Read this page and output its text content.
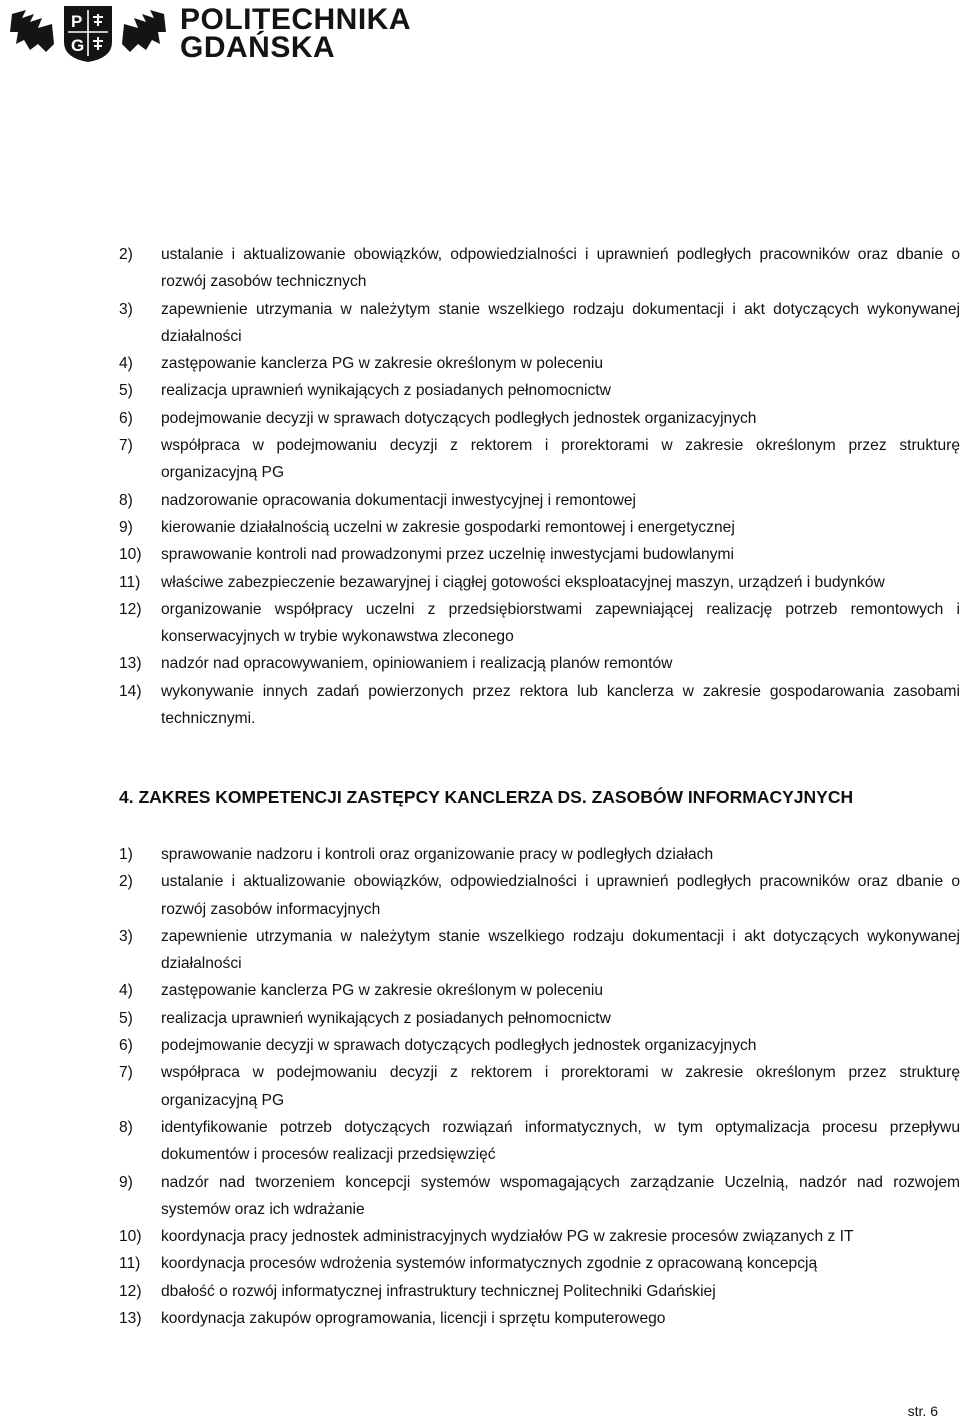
P
G
POLITECHNIKA
GDAŃSKA
2)	ustalanie i aktualizowanie obowiązków, odpowiedzialności i uprawnień podległych pracowników oraz dbanie o rozwój zasobów technicznych
3)	zapewnienie utrzymania w należytym stanie wszelkiego rodzaju dokumentacji i akt dotyczących wykonywanej działalności
4)	zastępowanie kanclerza PG w zakresie określonym w poleceniu
5)	realizacja uprawnień wynikających z posiadanych pełnomocnictw
6)	podejmowanie decyzji w sprawach dotyczących podległych jednostek organizacyjnych
7)	współpraca w podejmowaniu decyzji z rektorem i prorektorami w zakresie określonym przez strukturę organizacyjną PG
8)	nadzorowanie opracowania dokumentacji inwestycyjnej i remontowej
9)	kierowanie działalnością uczelni w zakresie gospodarki remontowej i energetycznej
10)	sprawowanie kontroli nad prowadzonymi przez uczelnię inwestycjami budowlanymi
11)	właściwe zabezpieczenie bezawaryjnej i ciągłej gotowości eksploatacyjnej maszyn, urządzeń i budynków
12)	organizowanie współpracy uczelni z przedsiębiorstwami zapewniającej realizację potrzeb remontowych i konserwacyjnych w trybie wykonawstwa zleconego
13)	nadzór nad opracowywaniem, opiniowaniem i realizacją planów remontów
14)	wykonywanie innych zadań powierzonych przez rektora lub kanclerza w zakresie gospodarowania zasobami technicznymi.
4. ZAKRES KOMPETENCJI ZASTĘPCY KANCLERZA DS. ZASOBÓW INFORMACYJNYCH
1)	sprawowanie nadzoru i kontroli oraz organizowanie pracy w podległych działach
2)	ustalanie i aktualizowanie obowiązków, odpowiedzialności i uprawnień podległych pracowników oraz dbanie o rozwój zasobów informacyjnych
3)	zapewnienie utrzymania w należytym stanie wszelkiego rodzaju dokumentacji i akt dotyczących wykonywanej działalności
4)	zastępowanie kanclerza PG w zakresie określonym w poleceniu
5)	realizacja uprawnień wynikających z posiadanych pełnomocnictw
6)	podejmowanie decyzji w sprawach dotyczących podległych jednostek organizacyjnych
7)	współpraca w podejmowaniu decyzji z rektorem i prorektorami w zakresie określonym przez strukturę organizacyjną PG
8)	identyfikowanie potrzeb dotyczących rozwiązań informatycznych, w tym optymalizacja procesu przepływu dokumentów i procesów realizacji przedsięwzięć
9)	nadzór nad tworzeniem koncepcji systemów wspomagających zarządzanie Uczelnią, nadzór nad rozwojem systemów oraz ich wdrażanie
10)	koordynacja pracy jednostek administracyjnych wydziałów PG w zakresie procesów związanych z IT
11)	koordynacja procesów wdrożenia systemów informatycznych zgodnie z opracowaną koncepcją
12)	dbałość o rozwój informatycznej infrastruktury technicznej Politechniki Gdańskiej
13)	koordynacja zakupów oprogramowania, licencji i sprzętu komputerowego
str. 6
